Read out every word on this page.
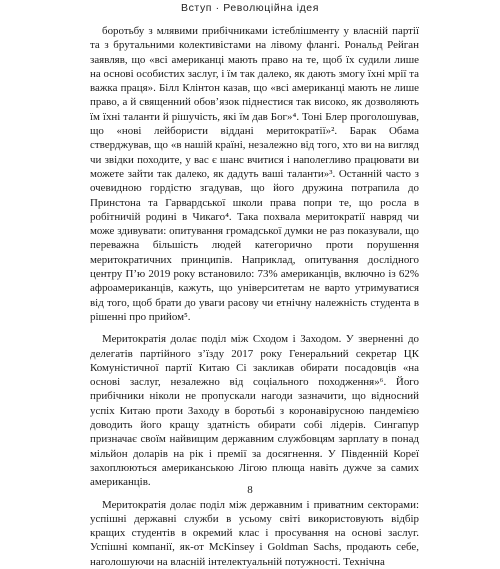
Вступ · Революційна ідея

боротьбу з млявими прибічниками істеблішменту у власній партії та з брутальними колективістами на лівому флангі. Рональд Рейган заявляв, що «всі американці мають право на те, щоб їх судили лише на основі особистих заслуг, і їм так далеко, як дають змогу їхні мрії та важка праця». Білл Клінтон казав, що «всі американці мають не лише право, а й священний обов’язок піднестися так високо, як дозволяють їм їхні таланти й рішучість, які їм дав Бог»⁴. Тоні Блер проголошував, що «нові лейбористи віддані меритократії»². Барак Обама стверджував, що «в нашій країні, незалежно від того, хто ви на вигляд чи звідки походите, у вас є шанс вчитися і наполегливо працювати ви можете зайти так далеко, як дадуть ваші таланти»³. Останній часто з очевидною гордістю згадував, що його дружина потрапила до Принстона та Гарвардської школи права попри те, що росла в робітничій родині в Чикаго⁴. Така похвала меритократії навряд чи може здивувати: опитування громадської думки не раз показували, що переважна більшість людей категорично проти порушення меритократичних принципів. Наприклад, опитування дослідного центру П’ю 2019 року встановило: 73% американців, включно із 62% афроамериканців, кажуть, що університетам не варто утримуватися від того, щоб брати до уваги расову чи етнічну належність студента в рішенні про прийом⁵.

Меритократія долає поділ між Сходом і Заходом. У зверненні до делегатів партійного з’їзду 2017 року Генеральний секретар ЦК Комуністичної партії Китаю Сі закликав обирати посадовців «на основі заслуг, незалежно від соціального походження»⁶. Його прибічники ніколи не пропускали нагоди зазначити, що відносний успіх Китаю проти Заходу в боротьбі з коронавірусною пандемією доводить його кращу здатність обирати собі лідерів. Сингапур призначає своїм найвищим державним службовцям зарплату в понад мільйон доларів на рік і премії за досягнення. У Південній Кореї захоплюються американською Лігою плюща навіть дужче за самих американців.

Меритократія долає поділ між державним і приватним секторами: успішні державні служби в усьому світі використовують відбір кращих студентів в окремий клас і просування на основі заслуг. Успішні компанії, як-от McKinsey і Goldman Sachs, продають себе, наголошуючи на власній інтелектуальній потужності. Технічна

8
